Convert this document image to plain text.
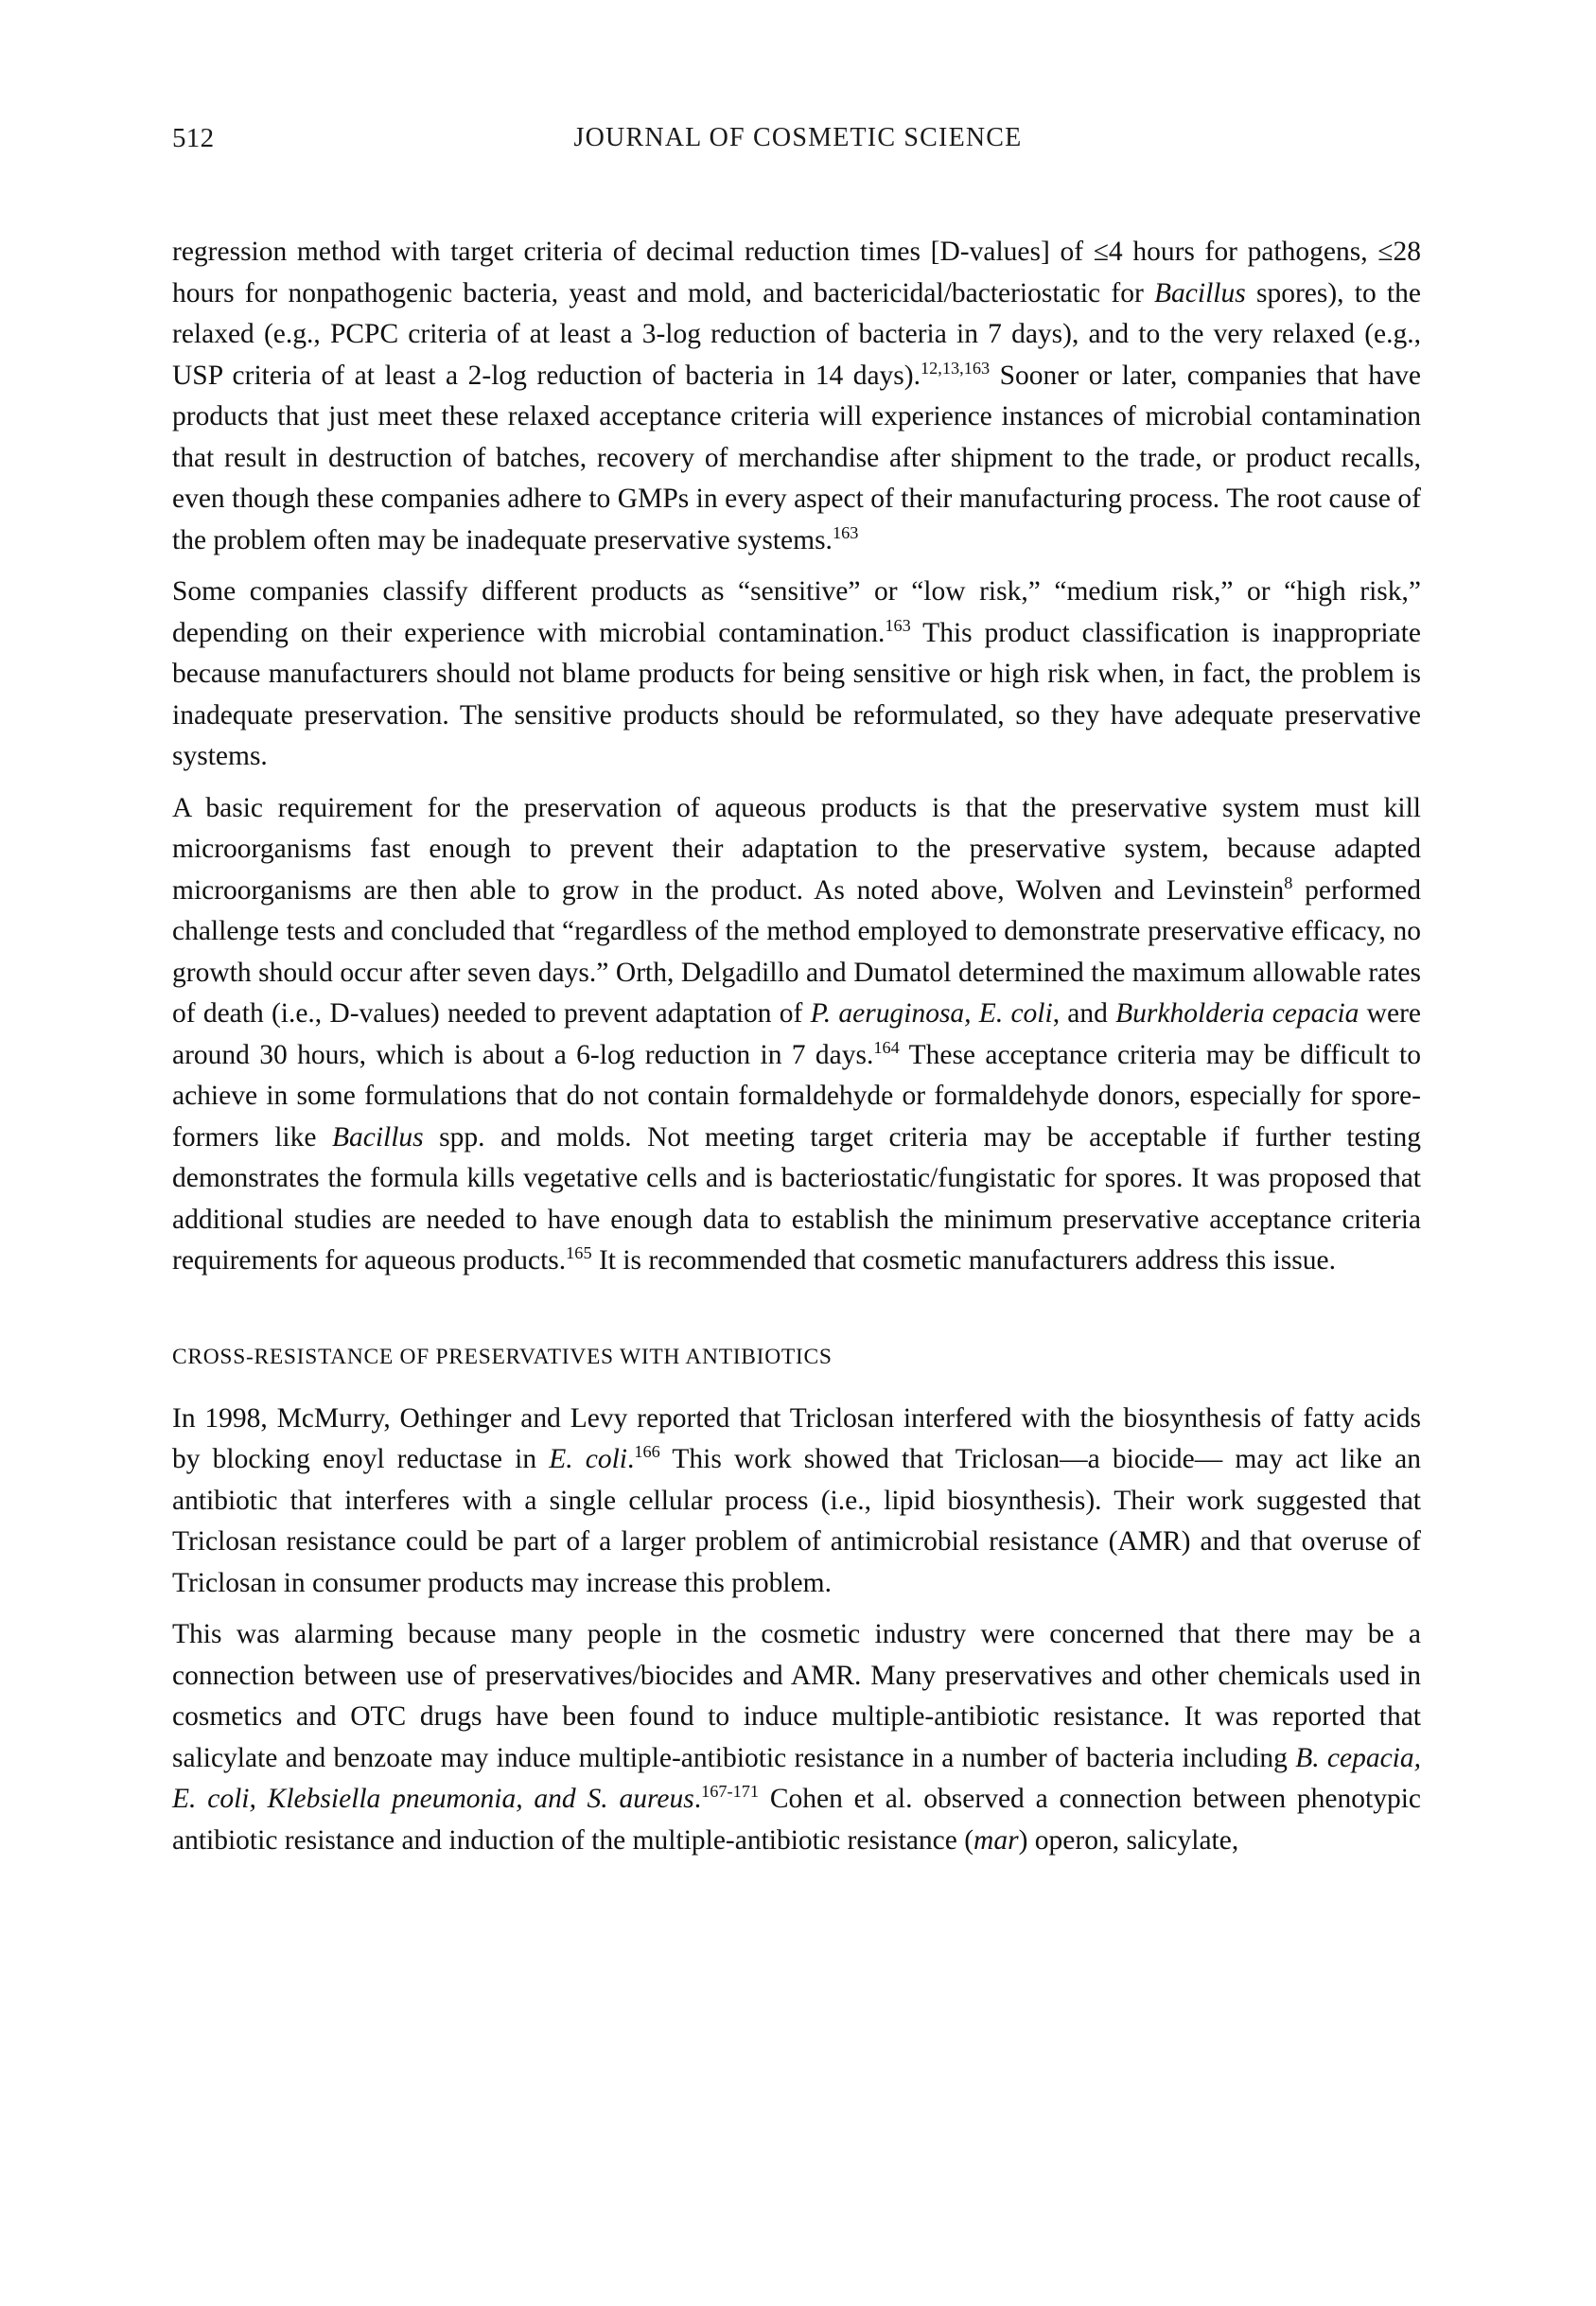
512	JOURNAL OF COSMETIC SCIENCE

regression method with target criteria of decimal reduction times [D-values] of ≤4 hours for pathogens, ≤28 hours for nonpathogenic bacteria, yeast and mold, and bactericidal/bacteriostatic for Bacillus spores), to the relaxed (e.g., PCPC criteria of at least a 3-log reduction of bacteria in 7 days), and to the very relaxed (e.g., USP criteria of at least a 2-log reduction of bacteria in 14 days).$^{12,13,163}$ Sooner or later, companies that have products that just meet these relaxed acceptance criteria will experience instances of microbial contamination that result in destruction of batches, recovery of merchandise after shipment to the trade, or product recalls, even though these companies adhere to GMPs in every aspect of their manufacturing process. The root cause of the problem often may be inadequate preservative systems.$^{163}$

Some companies classify different products as “sensitive” or “low risk,” “medium risk,” or “high risk,” depending on their experience with microbial contamination.$^{163}$ This product classification is inappropriate because manufacturers should not blame products for being sensitive or high risk when, in fact, the problem is inadequate preservation. The sensitive products should be reformulated, so they have adequate preservative systems.

A basic requirement for the preservation of aqueous products is that the preservative system must kill microorganisms fast enough to prevent their adaptation to the preservative system, because adapted microorganisms are then able to grow in the product. As noted above, Wolven and Levinstein$^8$ performed challenge tests and concluded that “regardless of the method employed to demonstrate preservative efficacy, no growth should occur after seven days.” Orth, Delgadillo and Dumatol determined the maximum allowable rates of death (i.e., D-values) needed to prevent adaptation of P. aeruginosa, E. coli, and Burkholderia cepacia were around 30 hours, which is about a 6-log reduction in 7 days.$^{164}$ These acceptance criteria may be difficult to achieve in some formulations that do not contain formaldehyde or formaldehyde donors, especially for spore-formers like Bacillus spp. and molds. Not meeting target criteria may be acceptable if further testing demonstrates the formula kills vegetative cells and is bacteriostatic/fungistatic for spores. It was proposed that additional studies are needed to have enough data to establish the minimum preservative acceptance criteria requirements for aqueous products.$^{165}$ It is recommended that cosmetic manufacturers address this issue.

CROSS-RESISTANCE OF PRESERVATIVES WITH ANTIBIOTICS

In 1998, McMurry, Oethinger and Levy reported that Triclosan interfered with the biosynthesis of fatty acids by blocking enoyl reductase in E. coli.$^{166}$ This work showed that Triclosan—a biocide— may act like an antibiotic that interferes with a single cellular process (i.e., lipid biosynthesis). Their work suggested that Triclosan resistance could be part of a larger problem of antimicrobial resistance (AMR) and that overuse of Triclosan in consumer products may increase this problem.

This was alarming because many people in the cosmetic industry were concerned that there may be a connection between use of preservatives/biocides and AMR. Many preservatives and other chemicals used in cosmetics and OTC drugs have been found to induce multiple-antibiotic resistance. It was reported that salicylate and benzoate may induce multiple-antibiotic resistance in a number of bacteria including B. cepacia, E. coli, Klebsiella pneumonia, and S. aureus.$^{167-171}$ Cohen et al. observed a connection between phenotypic antibiotic resistance and induction of the multiple-antibiotic resistance (mar) operon, salicylate,
